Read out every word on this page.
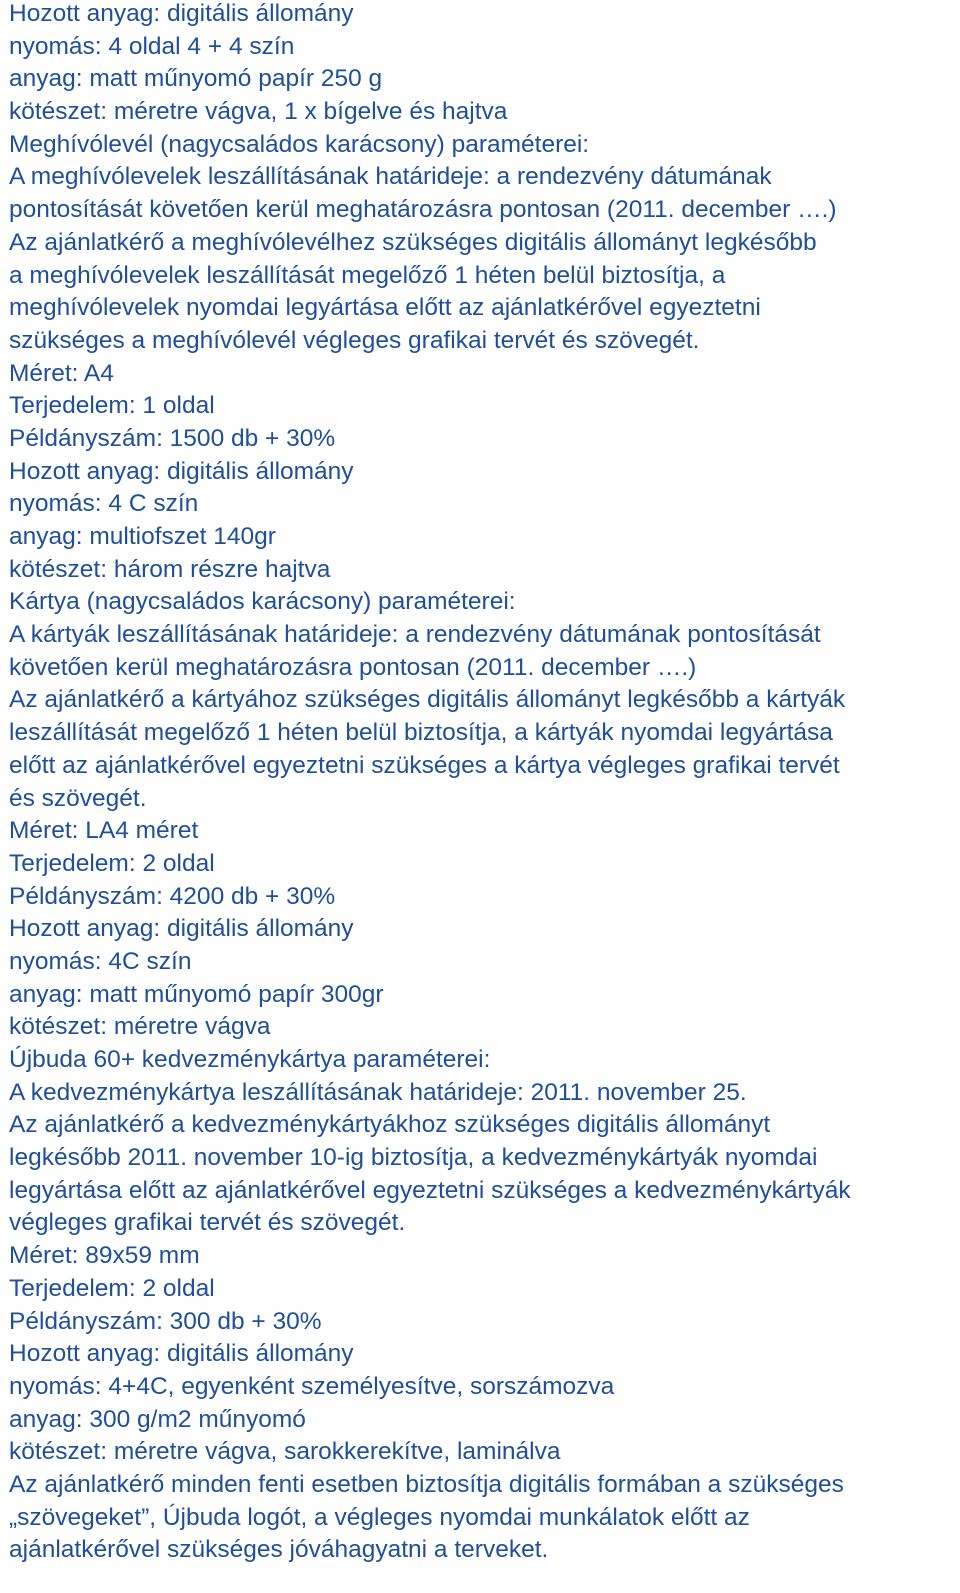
Hozott anyag: digitális állomány

nyomás: 4 oldal 4 + 4 szín

anyag: matt műnyomó papír 250 g

kötészet: méretre vágva, 1 x bígelve és hajtva

Meghívólevél (nagycsaládos karácsony) paraméterei:

A meghívólevelek leszállításának határideje: a rendezvény dátumának

pontosítását követően kerül meghatározásra pontosan (2011. december ….)

Az ajánlatkérő a meghívólevélhez szükséges digitális állományt legkésőbb

a meghívólevelek leszállítását megelőző 1 héten belül biztosítja, a

meghívólevelek nyomdai legyártása előtt az ajánlatkérővel egyeztetni

szükséges a meghívólevél végleges grafikai tervét és szövegét.

Méret: A4

Terjedelem: 1 oldal

Példányszám: 1500 db + 30%

Hozott anyag: digitális állomány

nyomás: 4 C szín

anyag: multiofszet 140gr

kötészet: három részre hajtva

Kártya (nagycsaládos karácsony) paraméterei:

A kártyák leszállításának határideje: a rendezvény dátumának pontosítását

követően kerül meghatározásra pontosan (2011. december ….)

Az ajánlatkérő a kártyához szükséges digitális állományt legkésőbb a kártyák

leszállítását megelőző 1 héten belül biztosítja, a kártyák nyomdai legyártása

előtt az ajánlatkérővel egyeztetni szükséges a kártya végleges grafikai tervét

és szövegét.

Méret: LA4 méret

Terjedelem: 2 oldal

Példányszám: 4200 db + 30%

Hozott anyag: digitális állomány

nyomás: 4C szín

anyag: matt műnyomó papír 300gr

kötészet: méretre vágva

Újbuda 60+ kedvezménykártya paraméterei:

A kedvezménykártya leszállításának határideje: 2011. november 25.

Az ajánlatkérő a kedvezménykártyákhoz szükséges digitális állományt

legkésőbb 2011. november 10-ig biztosítja, a kedvezménykártyák nyomdai

legyártása előtt az ajánlatkérővel egyeztetni szükséges a kedvezménykártyák

végleges grafikai tervét és szövegét.

Méret: 89x59 mm

Terjedelem: 2 oldal

Példányszám: 300 db + 30%

Hozott anyag: digitális állomány

nyomás: 4+4C, egyenként személyesítve, sorszámozva

anyag: 300 g/m2 műnyomó

kötészet: méretre vágva, sarokkerekítve, laminálva

Az ajánlatkérő minden fenti esetben biztosítja digitális formában a szükséges

„szövegeket”, Újbuda logót, a végleges nyomdai munkálatok előtt az

ajánlatkérővel szükséges jóváhagyatni a terveket.
